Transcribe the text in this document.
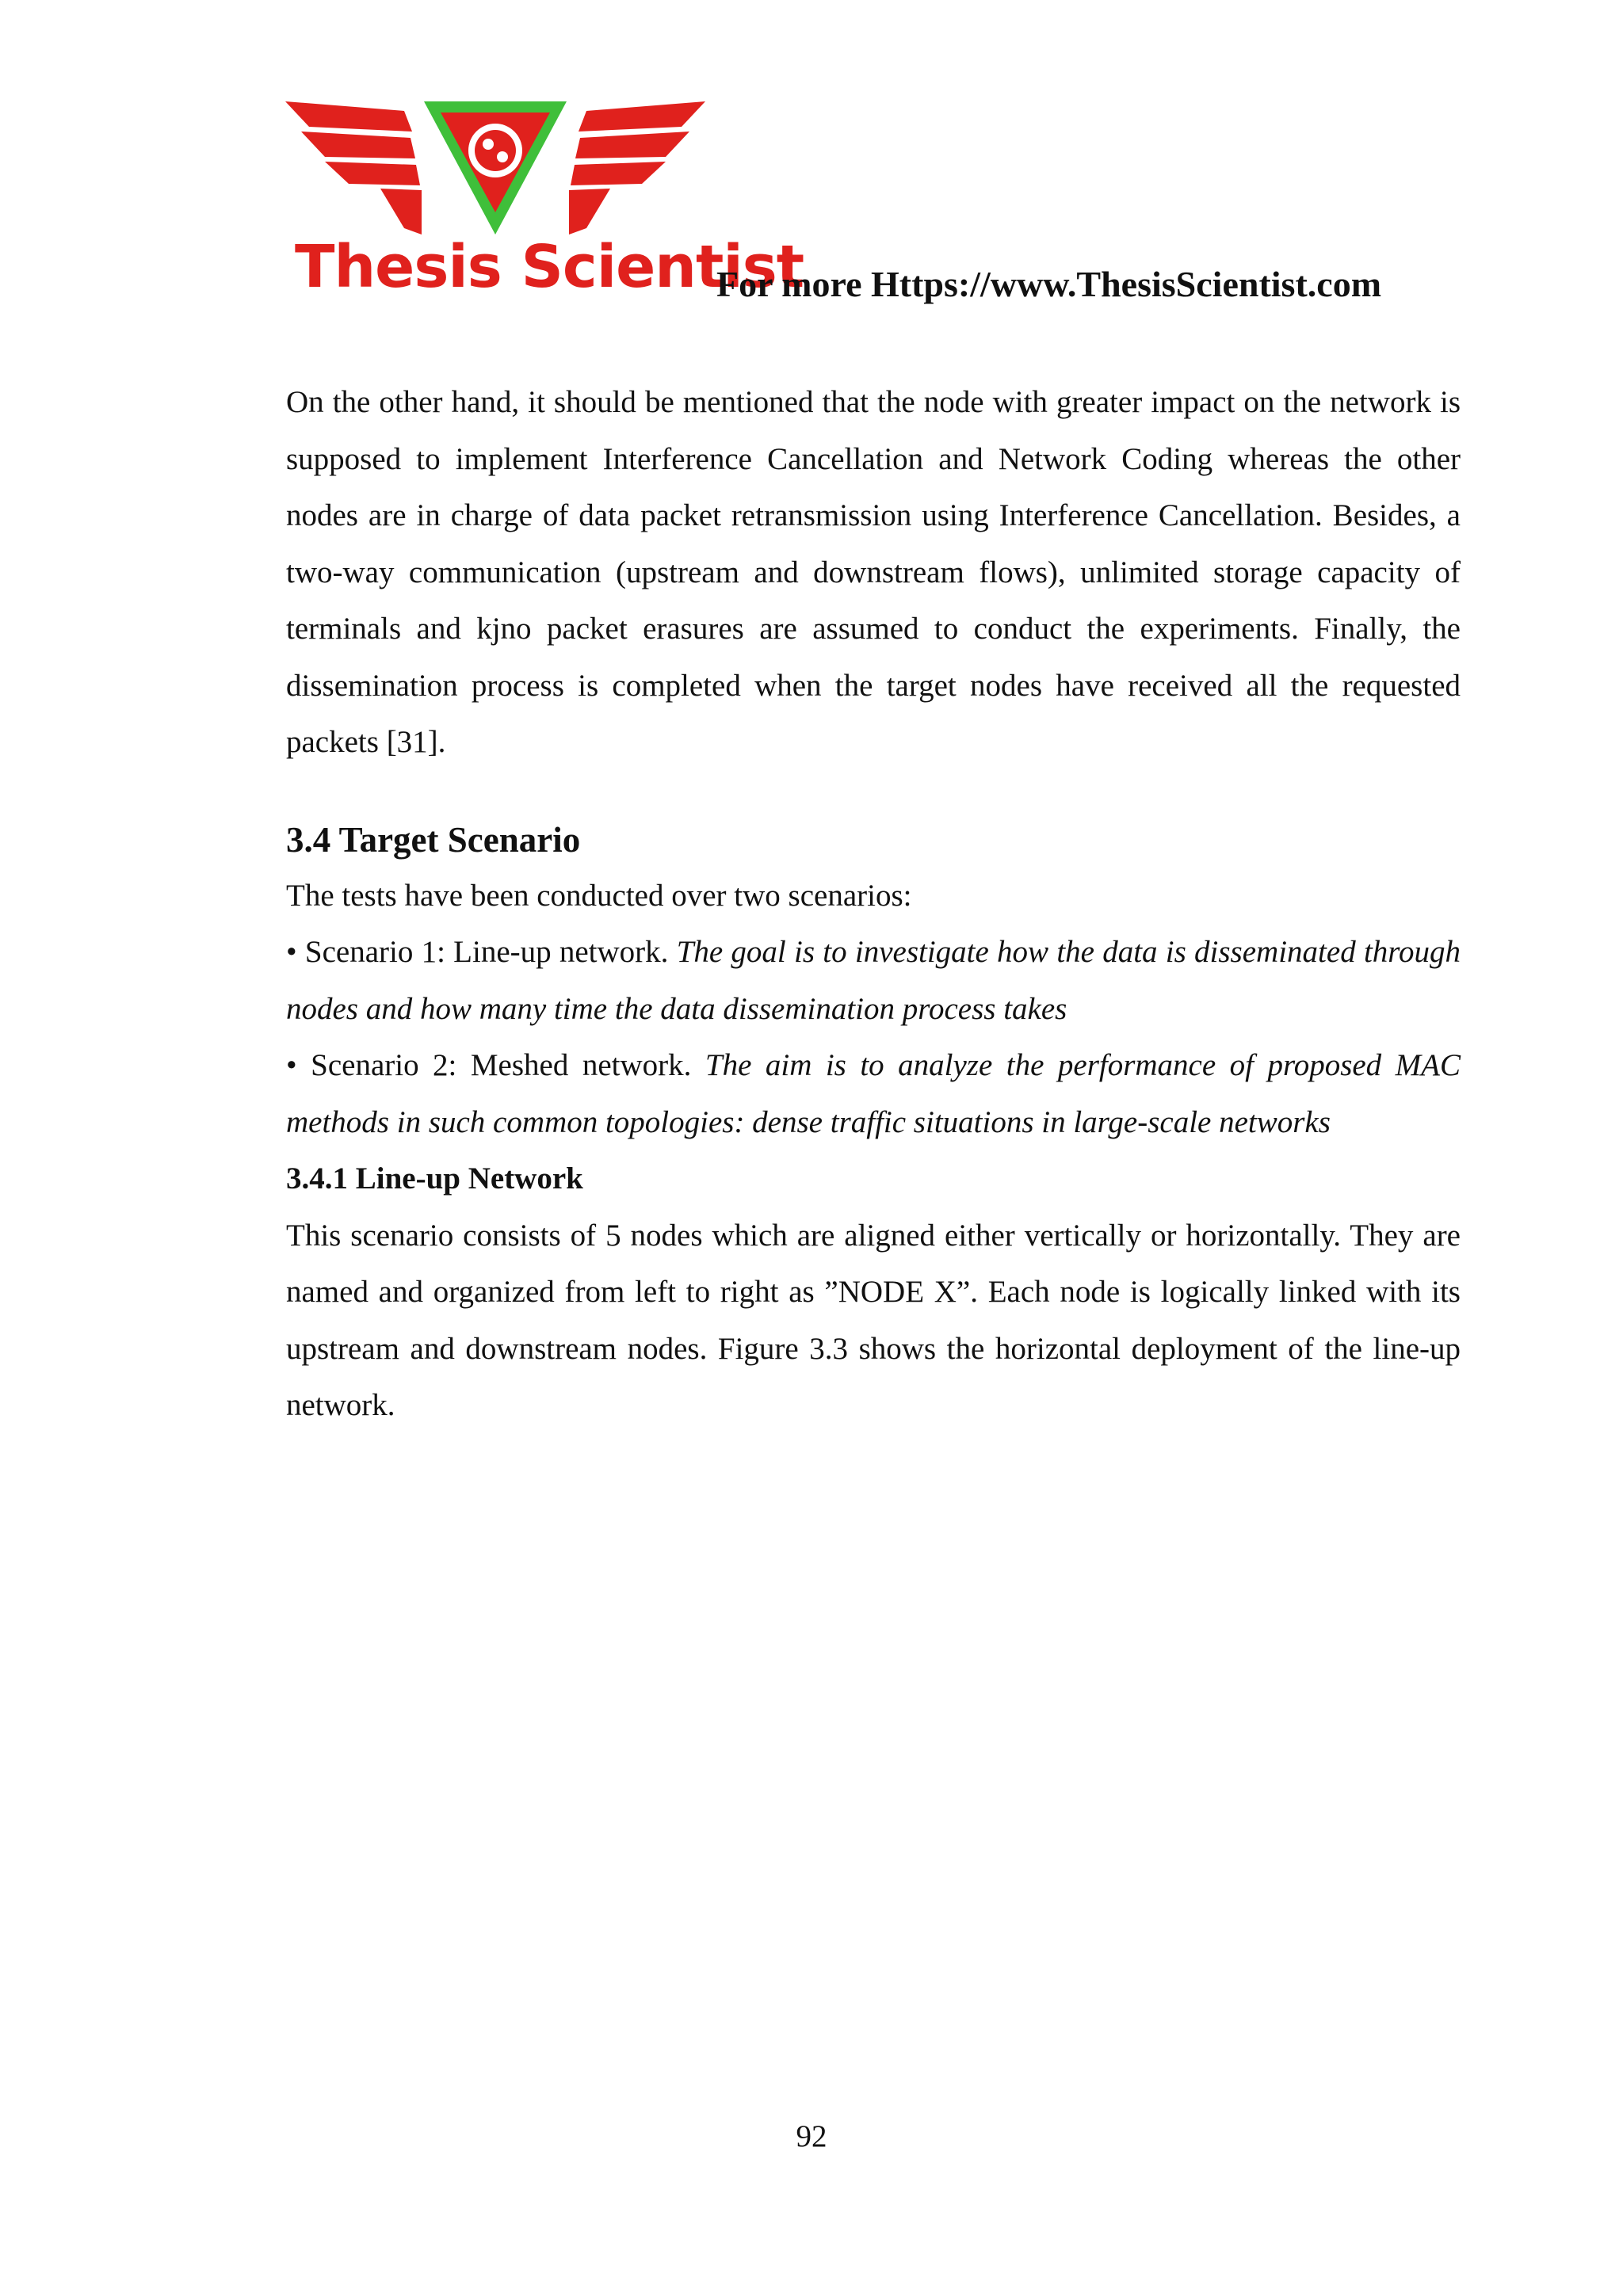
Thesis Scientist
For more Https://www.ThesisScientist.com

On the other hand, it should be mentioned that the node with greater impact on the network is supposed to implement Interference Cancellation and Network Coding whereas the other nodes are in charge of data packet retransmission using Interference Cancellation. Besides, a two-way communication (upstream and downstream flows), unlimited storage capacity of terminals and kjno packet erasures are assumed to conduct the experiments. Finally, the dissemination process is completed when the target nodes have received all the requested packets [31].

3.4 Target Scenario

The tests have been conducted over two scenarios:

• Scenario 1: Line-up network. The goal is to investigate how the data is disseminated through nodes and how many time the data dissemination process takes

• Scenario 2: Meshed network. The aim is to analyze the performance of proposed MAC methods in such common topologies: dense traffic situations in large-scale networks

3.4.1 Line-up Network

This scenario consists of 5 nodes which are aligned either vertically or horizontally. They are named and organized from left to right as ”NODE X”. Each node is logically linked with its upstream and downstream nodes. Figure 3.3 shows the horizontal deployment of the line-up network.

92
